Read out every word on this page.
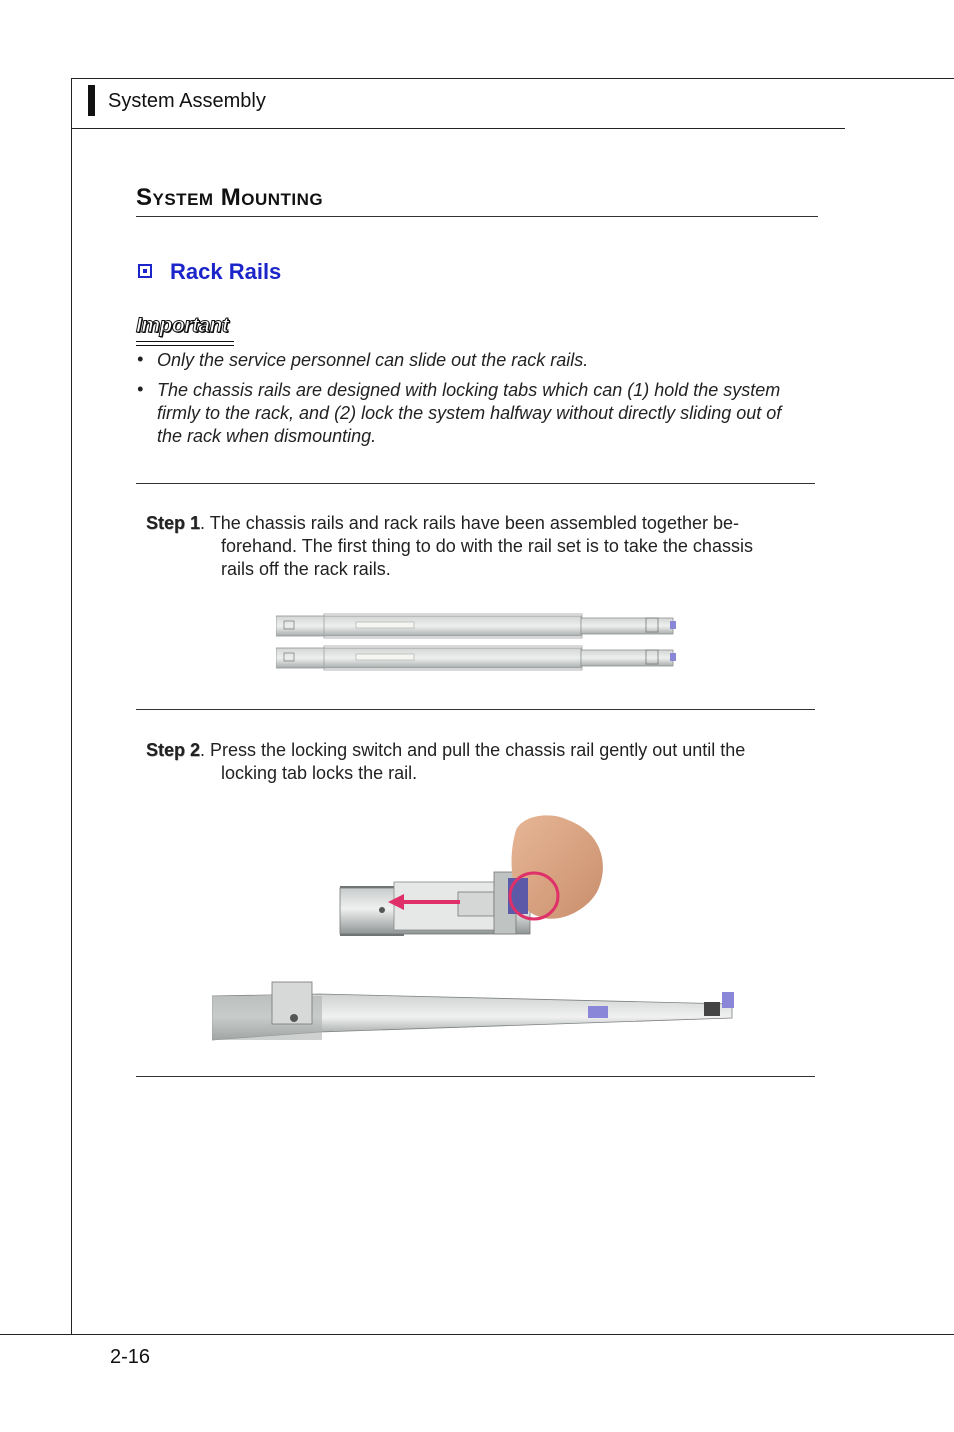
System Assembly
System Mounting
Rack Rails
Important
• Only the service personnel can slide out the rack rails.
• The chassis rails are designed with locking tabs which can (1) hold the system
firmly to the rack, and (2) lock the system halfway without directly sliding out of
the rack when dismounting.
Step 1. The chassis rails and rack rails have been assembled together be-
forehand. The first thing to do with the rail set is to take the chassis
rails off the rack rails.
Step 2. Press the locking switch and pull the chassis rail gently out until the
locking tab locks the rail.
2-16
